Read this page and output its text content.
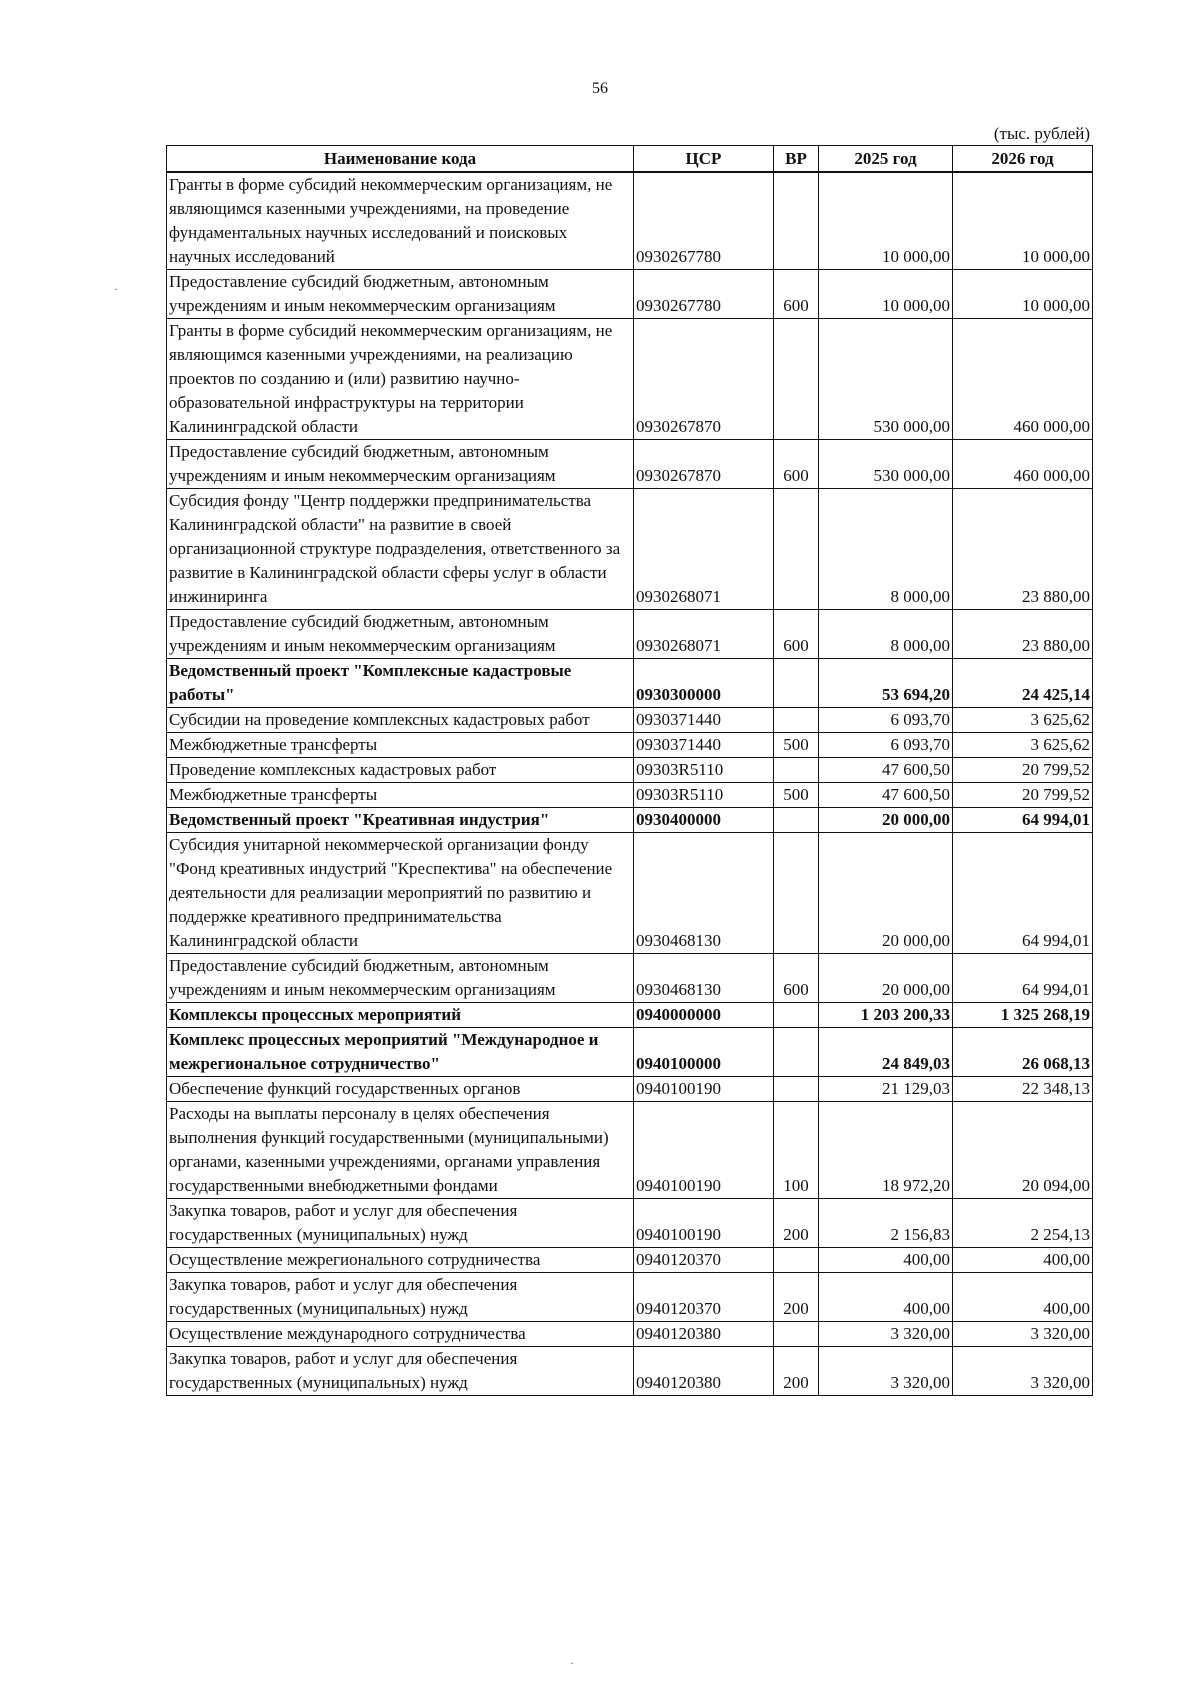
56
(тыс. рублей)
Наименование кода	ЦСР	ВР	2025 год	2026 год
Гранты в форме субсидий некоммерческим организациям, не являющимся казенными учреждениями, на проведение фундаментальных научных исследований и поисковых научных исследований	0930267780		10 000,00	10 000,00
Предоставление субсидий бюджетным, автономным учреждениям и иным некоммерческим организациям	0930267780	600	10 000,00	10 000,00
Гранты в форме субсидий некоммерческим организациям, не являющимся казенными учреждениями, на реализацию проектов по созданию и (или) развитию научно-образовательной инфраструктуры на территории Калининградской области	0930267870		530 000,00	460 000,00
Предоставление субсидий бюджетным, автономным учреждениям и иным некоммерческим организациям	0930267870	600	530 000,00	460 000,00
Субсидия фонду "Центр поддержки предпринимательства Калининградской области" на развитие в своей организационной структуре подразделения, ответственного за развитие в Калининградской области сферы услуг в области инжиниринга	0930268071		8 000,00	23 880,00
Предоставление субсидий бюджетным, автономным учреждениям и иным некоммерческим организациям	0930268071	600	8 000,00	23 880,00
Ведомственный проект "Комплексные кадастровые работы"	0930300000		53 694,20	24 425,14
Субсидии на проведение комплексных кадастровых работ	0930371440		6 093,70	3 625,62
Межбюджетные трансферты	0930371440	500	6 093,70	3 625,62
Проведение комплексных кадастровых работ	09303R5110		47 600,50	20 799,52
Межбюджетные трансферты	09303R5110	500	47 600,50	20 799,52
Ведомственный проект "Креативная индустрия"	0930400000		20 000,00	64 994,01
Субсидия унитарной некоммерческой организации фонду "Фонд креативных индустрий "Креспектива" на обеспечение деятельности для реализации мероприятий по развитию и поддержке креативного предпринимательства Калининградской области	0930468130		20 000,00	64 994,01
Предоставление субсидий бюджетным, автономным учреждениям и иным некоммерческим организациям	0930468130	600	20 000,00	64 994,01
Комплексы процессных мероприятий	0940000000		1 203 200,33	1 325 268,19
Комплекс процессных мероприятий "Международное и межрегиональное сотрудничество"	0940100000		24 849,03	26 068,13
Обеспечение функций государственных органов	0940100190		21 129,03	22 348,13
Расходы на выплаты персоналу в целях обеспечения выполнения функций государственными (муниципальными) органами, казенными учреждениями, органами управления государственными внебюджетными фондами	0940100190	100	18 972,20	20 094,00
Закупка товаров, работ и услуг для обеспечения государственных (муниципальных) нужд	0940100190	200	2 156,83	2 254,13
Осуществление межрегионального сотрудничества	0940120370		400,00	400,00
Закупка товаров, работ и услуг для обеспечения государственных (муниципальных) нужд	0940120370	200	400,00	400,00
Осуществление международного сотрудничества	0940120380		3 320,00	3 320,00
Закупка товаров, работ и услуг для обеспечения государственных (муниципальных) нужд	0940120380	200	3 320,00	3 320,00
·
·
